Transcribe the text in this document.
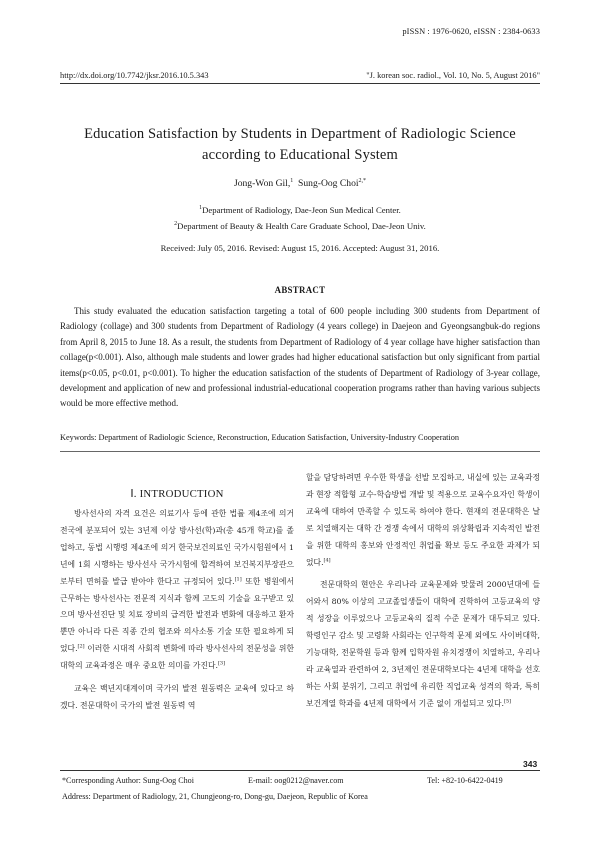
pISSN : 1976-0620, eISSN : 2384-0633
http://dx.doi.org/10.7742/jksr.2016.10.5.343	"J. korean soc. radiol., Vol. 10, No. 5, August 2016"
Education Satisfaction by Students in Department of Radiologic Science
according to Educational System
Jong-Won Gil,$^1$ Sung-Oog Choi$^{2,*}$
$^1$Department of Radiology, Dae-Jeon Sun Medical Center.
$^2$Department of Beauty & Health Care Graduate School, Dae-Jeon Univ.
Received: July 05, 2016. Revised: August 15, 2016. Accepted: August 31, 2016.
ABSTRACT
This study evaluated the education satisfaction targeting a total of 600 people including 300 students from Department of Radiology (collage) and 300 students from Department of Radiology (4 years college) in Daejeon and Gyeongsangbuk-do regions from April 8, 2015 to June 18. As a result, the students from Department of Radiology of 4 year collage have higher satisfaction than collage(p<0.001). Also, although male students and lower grades had higher educational satisfaction but only significant from partial items(p<0.05, p<0.01, p<0.001). To higher the education satisfaction of the students of Department of Radiology of 3-year collage, development and application of new and professional industrial-educational cooperation programs rather than having various subjects would be more effective method.
Keywords: Department of Radiologic Science, Reconstruction, Education Satisfaction, University-Industry Cooperation
Ⅰ. INTRODUCTION

방사선사의 자격 요건은 의료기사 등에 관한 법률 제4조에 의거 전국에 분포되어 있는 3년제 이상 방사선(학)과(총 45개 학교)를 졸업하고, 동법 시행령 제4조에 의거 한국보건의료인 국가시험원에서 1년에 1회 시행하는 방사선사 국가시험에 합격하여 보건복지부장관으로부터 면허를 발급 받아야 한다고 규정되어 있다.[1] 또한 병원에서 근무하는 방사선사는 전문적 지식과 함께 고도의 기술을 요구받고 있으며 방사선진단 및 치료 장비의 급격한 발전과 변화에 대응하고 환자뿐만 아니라 다른 직종 간의 협조와 의사소통 기술 또한 필요하게 되었다.[2] 이러한 시대적 사회적 변화에 따라 방사선사의 전문성을 위한 대학의 교육과정은 매우 중요한 의미를 가진다.[3]

교육은 백년지대계이며 국가의 발전 원동력은 교육에 있다고 하겠다. 전문대학이 국가의 발전 원동력 역

할을 담당하려면 우수한 학생을 선발 모집하고, 내실에 있는 교육과정과 현장 적합형 교수-학습방법 개발 및 적용으로 교육수요자인 학생이 교육에 대하여 만족할 수 있도록 하여야 한다. 현재의 전문대학은 날로 치열해지는 대학 간 경쟁 속에서 대학의 위상확립과 지속적인 발전을 위한 대학의 홍보와 안정적인 취업률 확보 등도 주요한 과제가 되었다.[4]

전문대학의 현안은 우리나라 교육문제와 맞물려 2000년대에 들어와서 80% 이상의 고교졸업생들이 대학에 진학하여 고등교육의 양적 성장을 이루었으나 고등교육의 질적 수준 문제가 대두되고 있다. 학령인구 감소 및 고령화 사회라는 인구학적 문제 외에도 사이버대학, 기능대학, 전문학원 등과 함께 입학자원 유치경쟁이 치열하고, 우리나라 교육열과 관련하여 2, 3년제인 전문대학보다는 4년제 대학을 선호하는 사회 분위기, 그리고 취업에 유리한 직업교육 성격의 학과, 특히 보건계열 학과를 4년제 대학에서 기준 없이 개설되고 있다.[5]

343
*Corresponding Author: Sung-Oog Choi	E-mail: oog0212@naver.com	Tel: +82-10-6422-0419
Address: Department of Radiology, 21, Chungjeong-ro, Dong-gu, Daejeon, Republic of Korea
